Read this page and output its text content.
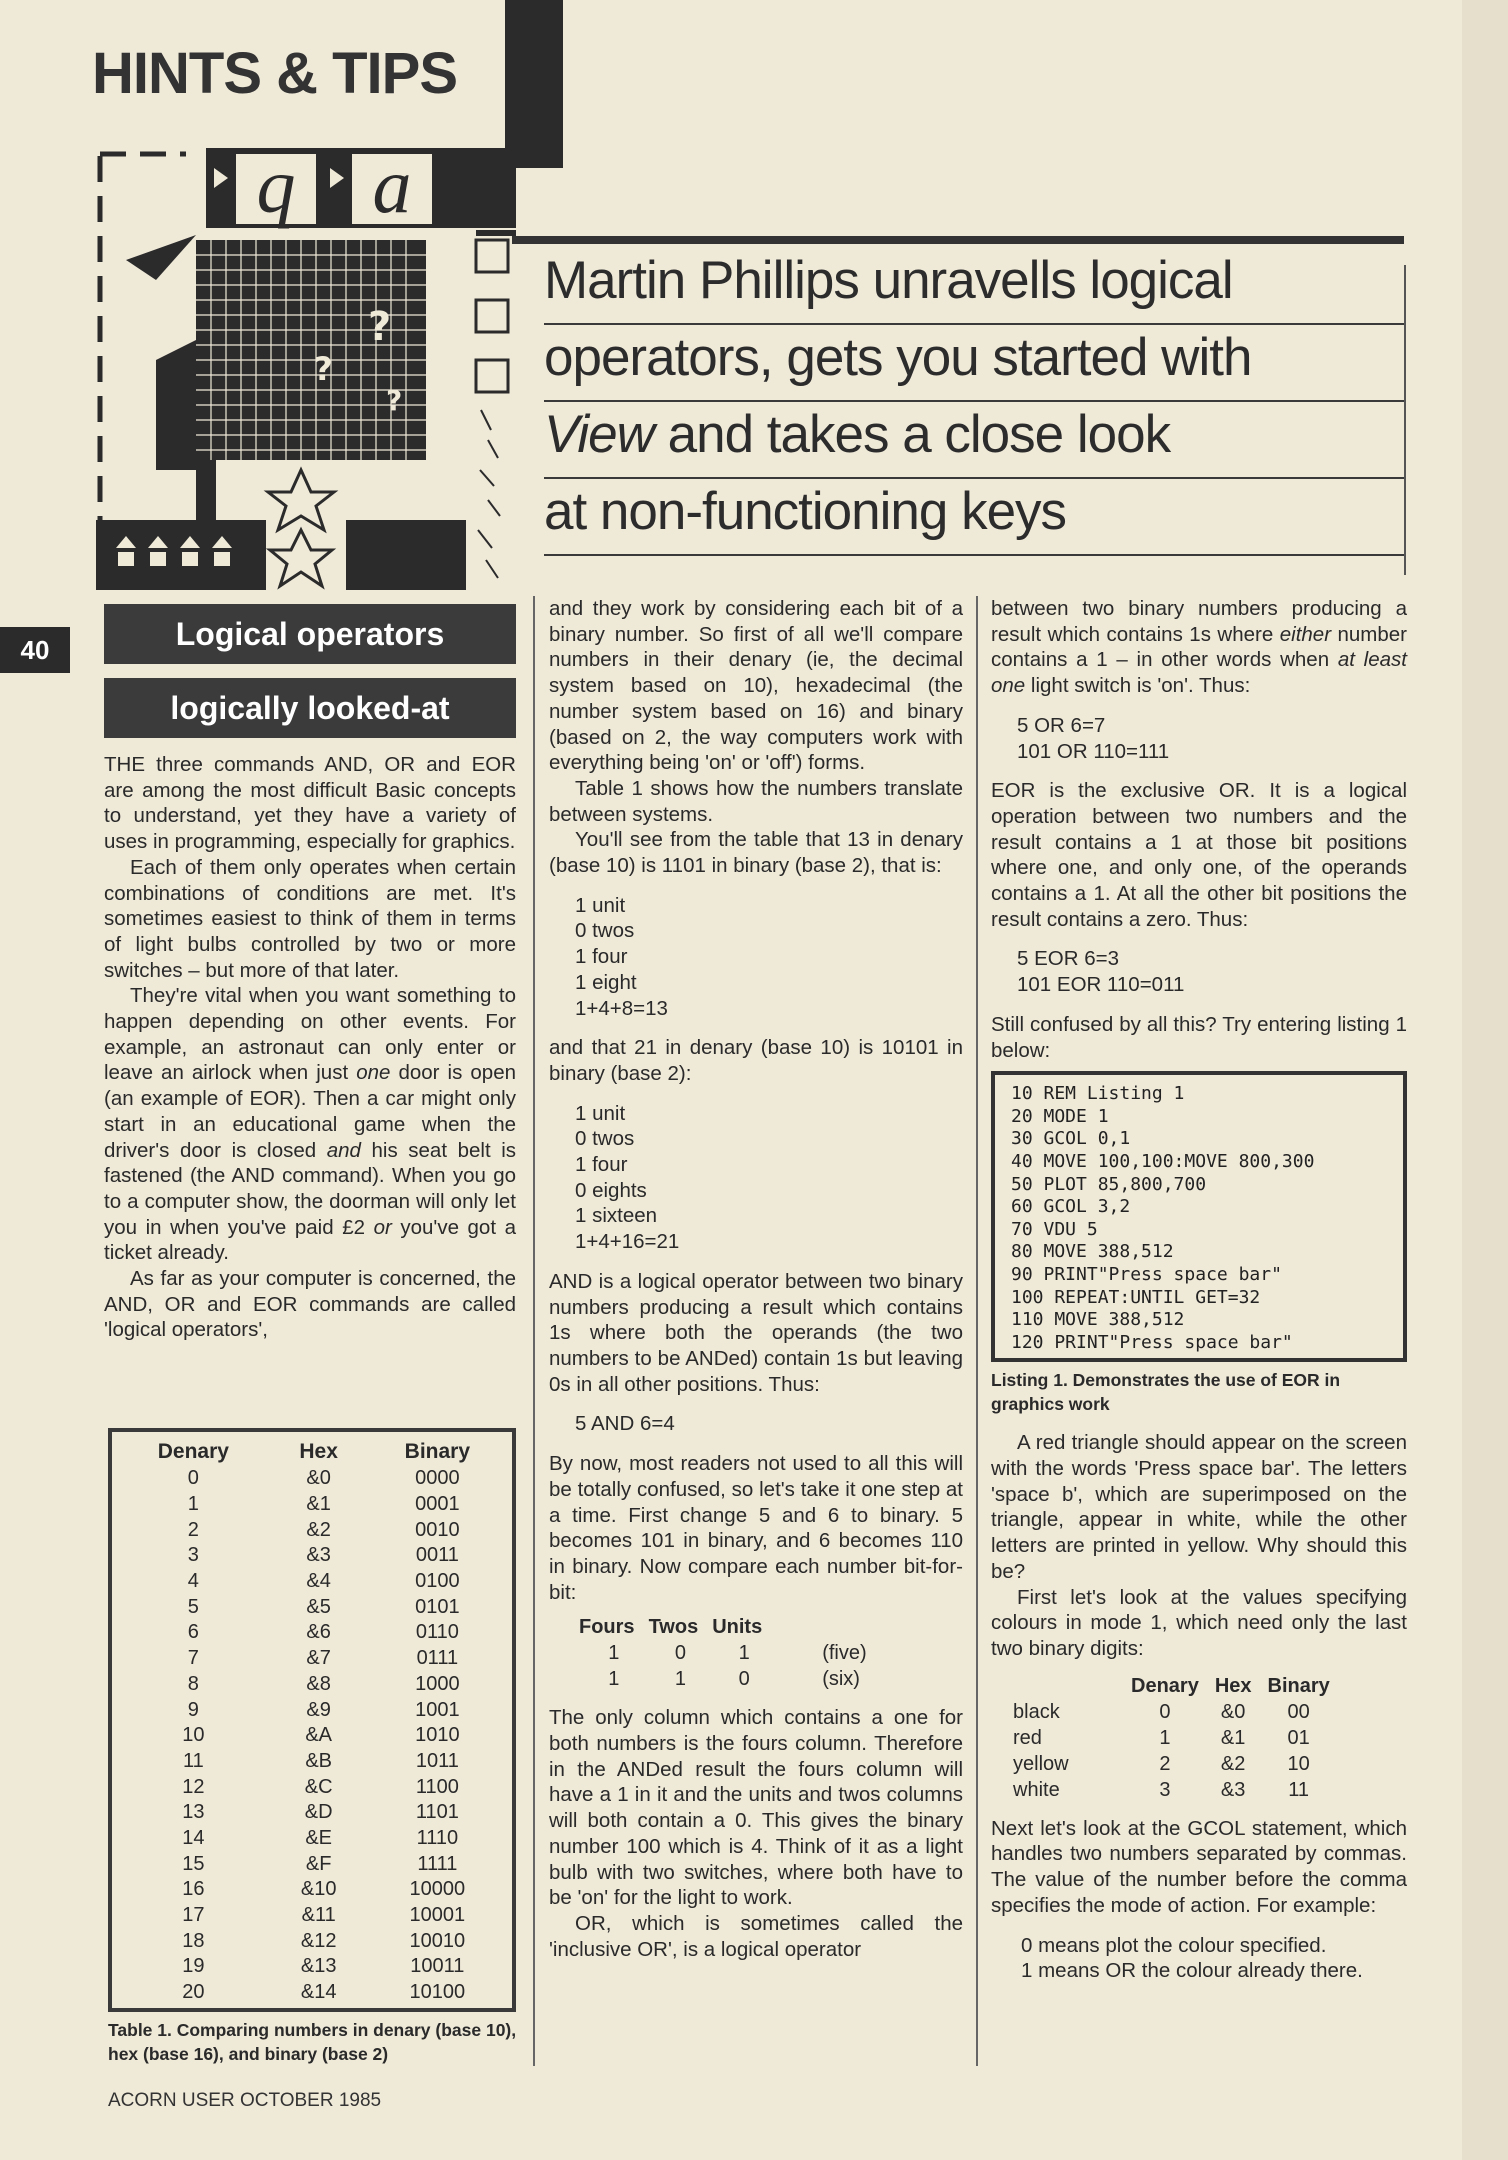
HINTS & TIPS
40
q a
?
?
?
Martin Phillips unravells logical
operators, gets you started with
View and takes a close look
at non-functioning keys
Logical operators
logically looked-at

THE three commands AND, OR and EOR are among the most difficult Basic concepts to understand, yet they have a variety of uses in programming, especially for graphics.

Each of them only operates when certain combinations of conditions are met. It's sometimes easiest to think of them in terms of light bulbs controlled by two or more switches – but more of that later.

They're vital when you want something to happen depending on other events. For example, an astronaut can only enter or leave an airlock when just one door is open (an example of EOR). Then a car might only start in an educational game when the driver's door is closed and his seat belt is fastened (the AND command). When you go to a computer show, the doorman will only let you in when you've paid £2 or you've got a ticket already.

As far as your computer is concerned, the AND, OR and EOR commands are called 'logical operators',

Denary	Hex	Binary
0	&0	0000
1	&1	0001
2	&2	0010
3	&3	0011
4	&4	0100
5	&5	0101
6	&6	0110
7	&7	0111
8	&8	1000
9	&9	1001
10	&A	1010
11	&B	1011
12	&C	1100
13	&D	1101
14	&E	1110
15	&F	1111
16	&10	10000
17	&11	10001
18	&12	10010
19	&13	10011
20	&14	10100
Table 1. Comparing numbers in denary (base 10), hex (base 16), and binary (base 2)

and they work by considering each bit of a binary number. So first of all we'll compare numbers in their denary (ie, the decimal system based on 10), hexadecimal (the number system based on 16) and binary (based on 2, the way computers work with everything being 'on' or 'off') forms.

Table 1 shows how the numbers translate between systems.

You'll see from the table that 13 in denary (base 10) is 1101 in binary (base 2), that is:

1 unit
0 twos
1 four
1 eight
1+4+8=13

and that 21 in denary (base 10) is 10101 in binary (base 2):

1 unit
0 twos
1 four
0 eights
1 sixteen
1+4+16=21

AND is a logical operator between two binary numbers producing a result which contains 1s where both the operands (the two numbers to be ANDed) contain 1s but leaving 0s in all other positions. Thus:

5 AND 6=4

By now, most readers not used to all this will be totally confused, so let's take it one step at a time. First change 5 and 6 to binary. 5 becomes 101 in binary, and 6 becomes 110 in binary. Now compare each number bit-for-bit:

Fours	Twos	Units	
1	0	1	(five)
1	1	0	(six)

The only column which contains a one for both numbers is the fours column. Therefore in the ANDed result the fours column will have a 1 in it and the units and twos columns will both contain a 0. This gives the binary number 100 which is 4. Think of it as a light bulb with two switches, where both have to be 'on' for the light to work.

OR, which is sometimes called the 'inclusive OR', is a logical operator

between two binary numbers producing a result which contains 1s where either number contains a 1 – in other words when at least one light switch is 'on'. Thus:

5 OR 6=7
101 OR 110=111

EOR is the exclusive OR. It is a logical operation between two numbers and the result contains a 1 at those bit positions where one, and only one, of the operands contains a 1. At all the other bit positions the result contains a zero. Thus:

5 EOR 6=3
101 EOR 110=011

Still confused by all this? Try entering listing 1 below:

10 REM Listing 1
20 MODE 1
30 GCOL 0,1
40 MOVE 100,100:MOVE 800,300
50 PLOT 85,800,700
60 GCOL 3,2
70 VDU 5
80 MOVE 388,512
90 PRINT"Press space bar"
100 REPEAT:UNTIL GET=32
110 MOVE 388,512
120 PRINT"Press space bar"
Listing 1. Demonstrates the use of EOR in graphics work

A red triangle should appear on the screen with the words 'Press space bar'. The letters 'space b', which are superimposed on the triangle, appear in white, while the other letters are printed in yellow. Why should this be?

First let's look at the values specifying colours in mode 1, which need only the last two binary digits:

	Denary	Hex	Binary
black	0	&0	00
red	1	&1	01
yellow	2	&2	10
white	3	&3	11

Next let's look at the GCOL statement, which handles two numbers separated by commas. The value of the number before the comma specifies the mode of action. For example:

0 means plot the colour specified.
1 means OR the colour already there.
ACORN USER OCTOBER 1985
